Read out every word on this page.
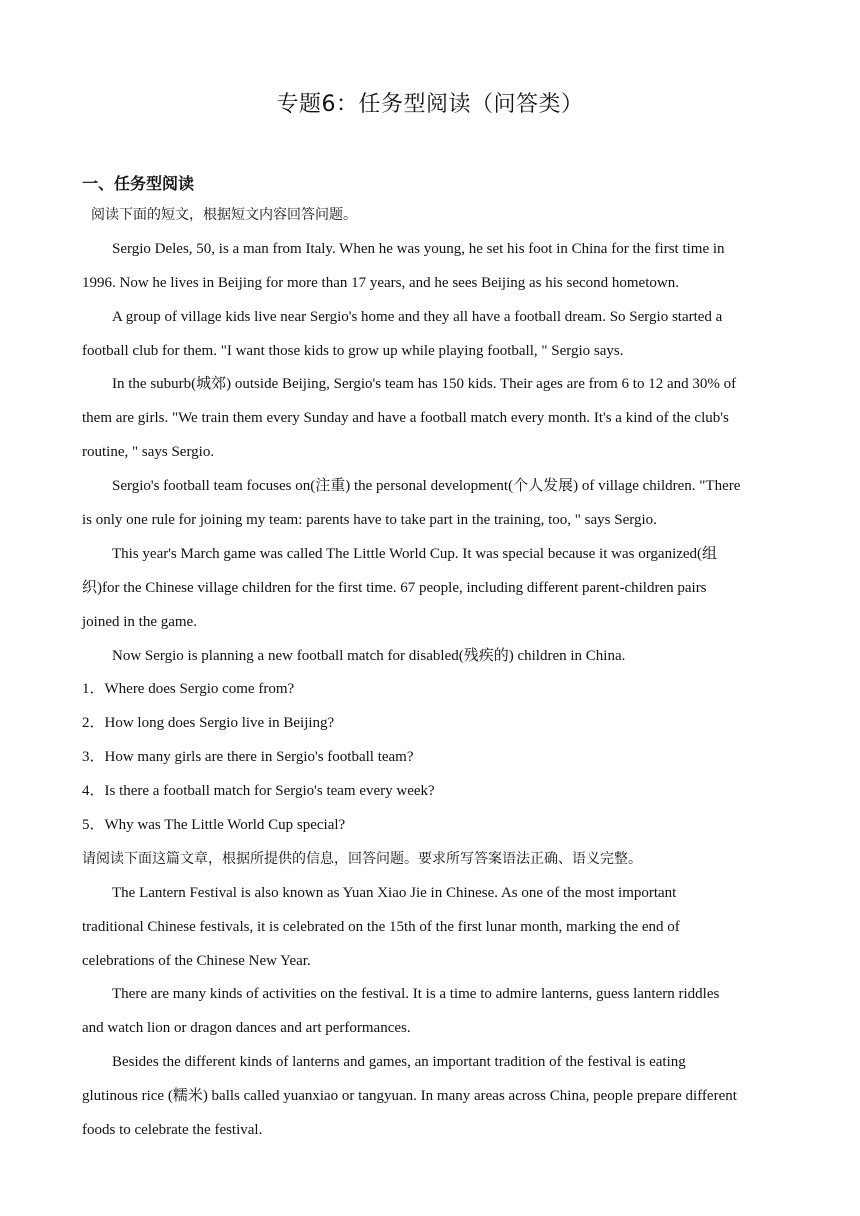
专题6：任务型阅读（问答类）
一、任务型阅读
阅读下面的短文，根据短文内容回答问题。
Sergio Deles, 50, is a man from Italy. When he was young, he set his foot in China for the first time in
1996. Now he lives in Beijing for more than 17 years, and he sees Beijing as his second hometown.
A group of village kids live near Sergio's home and they all have a football dream. So Sergio started a
football club for them. "I want those kids to grow up while playing football, " Sergio says.
In the suburb(城郊) outside Beijing, Sergio's team has 150 kids. Their ages are from 6 to 12 and 30% of
them are girls. "We train them every Sunday and have a football match every month. It's a kind of the club's
routine, " says Sergio.
Sergio's football team focuses on(注重) the personal development(个人发展) of village children. "There
is only one rule for joining my team: parents have to take part in the training, too, " says Sergio.
This year's March game was called The Little World Cup. It was special because it was organized(组
织)for the Chinese village children for the first time. 67 people, including different parent-children pairs
joined in the game.
Now Sergio is planning a new football match for disabled(残疾的) children in China.
1．Where does Sergio come from?
2．How long does Sergio live in Beijing?
3．How many girls are there in Sergio's football team?
4．Is there a football match for Sergio's team every week?
5．Why was The Little World Cup special?
请阅读下面这篇文章，根据所提供的信息，回答问题。要求所写答案语法正确、语义完整。
The Lantern Festival is also known as Yuan Xiao Jie in Chinese. As one of the most important
traditional Chinese festivals, it is celebrated on the 15th of the first lunar month, marking the end of
celebrations of the Chinese New Year.
There are many kinds of activities on the festival. It is a time to admire lanterns, guess lantern riddles
and watch lion or dragon dances and art performances.
Besides the different kinds of lanterns and games, an important tradition of the festival is eating
glutinous rice (糯米) balls called yuanxiao or tangyuan. In many areas across China, people prepare different
foods to celebrate the festival.
